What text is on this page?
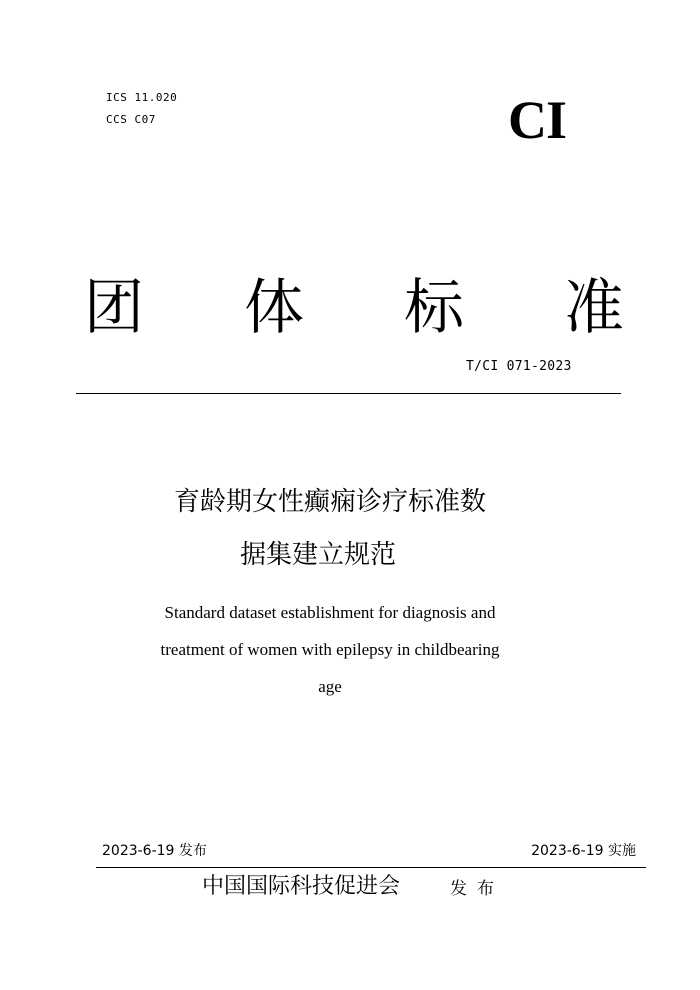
ICS 11.020
CCS C07	CI
团 体 标 准
T/CI 071-2023
育龄期女性癫痫诊疗标准数
据集建立规范
Standard dataset establishment for diagnosis and
treatment of women with epilepsy in childbearing
age
2023-6-19 发布	2023-6-19 实施
中国国际科技促进会	发布
